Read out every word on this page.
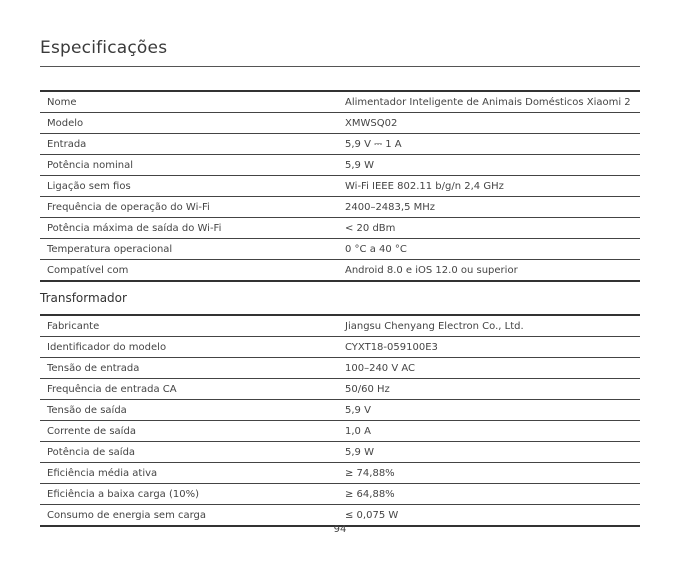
Especificações
Nome	Alimentador Inteligente de Animais Domésticos Xiaomi 2
Modelo	XMWSQ02
Entrada	5,9 V ⎓ 1 A
Potência nominal	5,9 W
Ligação sem fios	Wi-Fi IEEE 802.11 b/g/n 2,4 GHz
Frequência de operação do Wi-Fi	2400–2483,5 MHz
Potência máxima de saída do Wi-Fi	< 20 dBm
Temperatura operacional	0 °C a 40 °C
Compatível com	Android 8.0 e iOS 12.0 ou superior
Transformador
Fabricante	Jiangsu Chenyang Electron Co., Ltd.
Identificador do modelo	CYXT18-059100E3
Tensão de entrada	100–240 V AC
Frequência de entrada CA	50/60 Hz
Tensão de saída	5,9 V
Corrente de saída	1,0 A
Potência de saída	5,9 W
Eficiência média ativa	≥ 74,88%
Eficiência a baixa carga (10%)	≥ 64,88%
Consumo de energia sem carga	≤ 0,075 W
94
